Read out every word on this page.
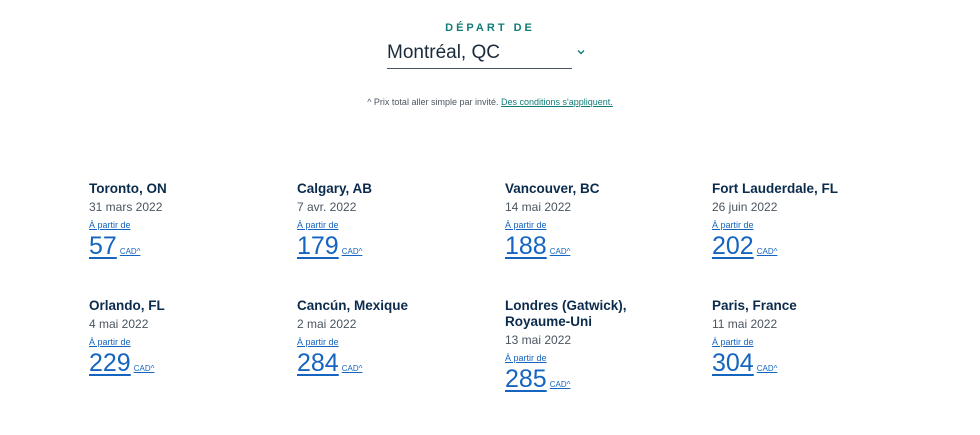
DÉPART DE
Montréal, QC
^ Prix total aller simple par invité. Des conditions s'appliquent.
Toronto, ON
31 mars 2022
À partir de
57 CAD^
Calgary, AB
7 avr. 2022
À partir de
179 CAD^
Vancouver, BC
14 mai 2022
À partir de
188 CAD^
Fort Lauderdale, FL
26 juin 2022
À partir de
202 CAD^
Orlando, FL
4 mai 2022
À partir de
229 CAD^
Cancún, Mexique
2 mai 2022
À partir de
284 CAD^
Londres (Gatwick), Royaume-Uni
13 mai 2022
À partir de
285 CAD^
Paris, France
11 mai 2022
À partir de
304 CAD^
